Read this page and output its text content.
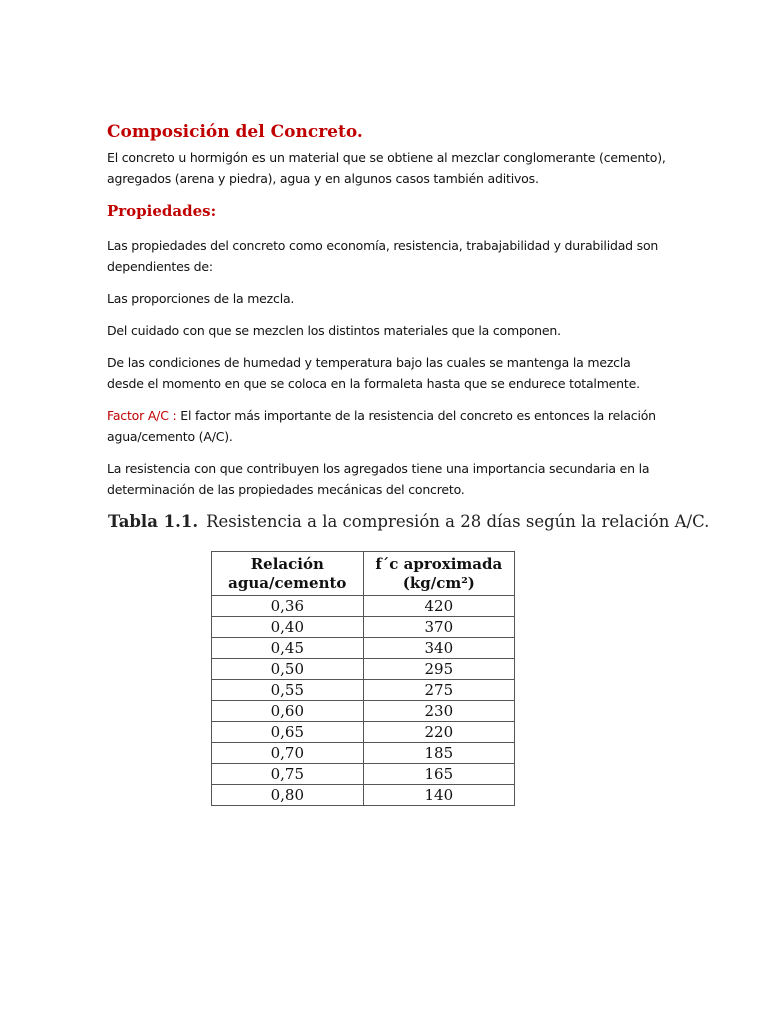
Composición del Concreto.
El concreto u hormigón es un material que se obtiene al mezclar conglomerante (cemento), agregados (arena y piedra), agua y en algunos casos también aditivos.
Propiedades:
Las propiedades del concreto como economía, resistencia, trabajabilidad y durabilidad son dependientes de:
Las proporciones de la mezcla.
Del cuidado con que se mezclen los distintos materiales que la componen.
De las condiciones de humedad y temperatura bajo las cuales se mantenga la mezcla desde el momento en que se coloca en la formaleta hasta que se endurece totalmente.
Factor A/C : El factor más importante de la resistencia del concreto es entonces la relación agua/cemento (A/C).
La resistencia con que contribuyen los agregados tiene una importancia secundaria en la determinación de las propiedades mecánicas del concreto.
Tabla 1.1. Resistencia a la compresión a 28 días según la relación A/C.
Relación
agua/cemento	f´c aproximada
(kg/cm²)
0,36	420
0,40	370
0,45	340
0,50	295
0,55	275
0,60	230
0,65	220
0,70	185
0,75	165
0,80	140
